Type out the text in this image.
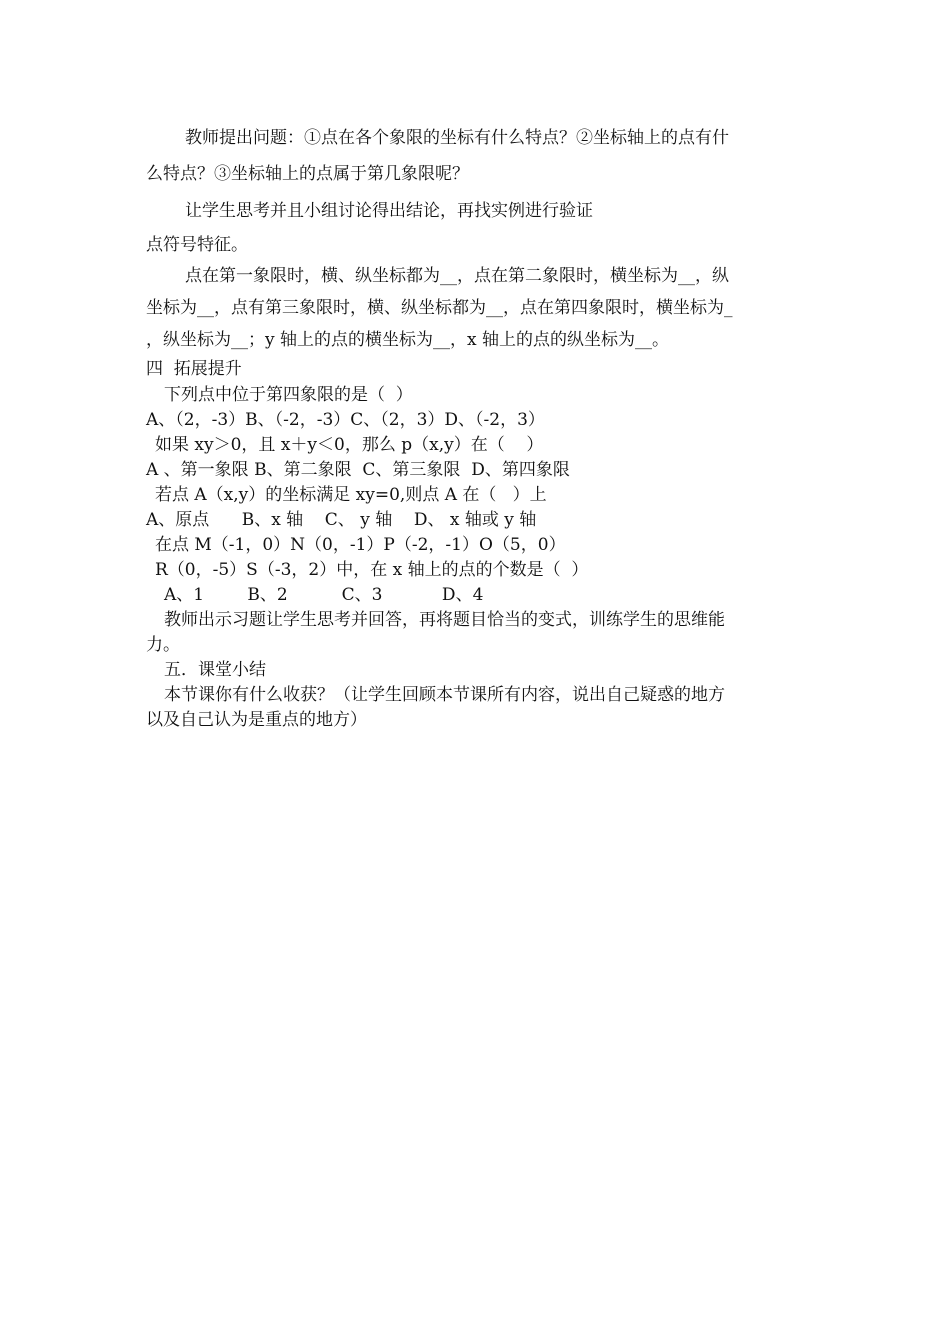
教师提出问题：①点在各个象限的坐标有什么特点？②坐标轴上的点有什
么特点？③坐标轴上的点属于第几象限呢？
让学生思考并且小组讨论得出结论，再找实例进行验证
点符号特征。
点在第一象限时，横、纵坐标都为__，点在第二象限时，横坐标为__，纵
坐标为__，点有第三象限时，横、纵坐标都为__，点在第四象限时，横坐标为_
，纵坐标为__；y 轴上的点的横坐标为__，x 轴上的点的纵坐标为__。
四  拓展提升
下列点中位于第四象限的是（  ）
A、（2，-3）B、（-2，-3）C、（2，3）D、（-2，3）
如果 xy＞0，且 x＋y＜0，那么 p（x,y）在（    ）
A 、第一象限 B、第二象限  C、第三象限  D、第四象限
若点 A（x,y）的坐标满足 xy=0,则点 A 在（   ）上
A、原点      B、x 轴    C、 y 轴    D、 x 轴或 y 轴
在点 M（-1，0）N（0，-1）P（-2，-1）O（5，0）
R（0，-5）S（-3，2）中，在 x 轴上的点的个数是（  ）
A、1        B、2          C、3           D、4
教师出示习题让学生思考并回答，再将题目恰当的变式，训练学生的思维能
力。
五．课堂小结
本节课你有什么收获？（让学生回顾本节课所有内容，说出自己疑惑的地方
以及自己认为是重点的地方）
